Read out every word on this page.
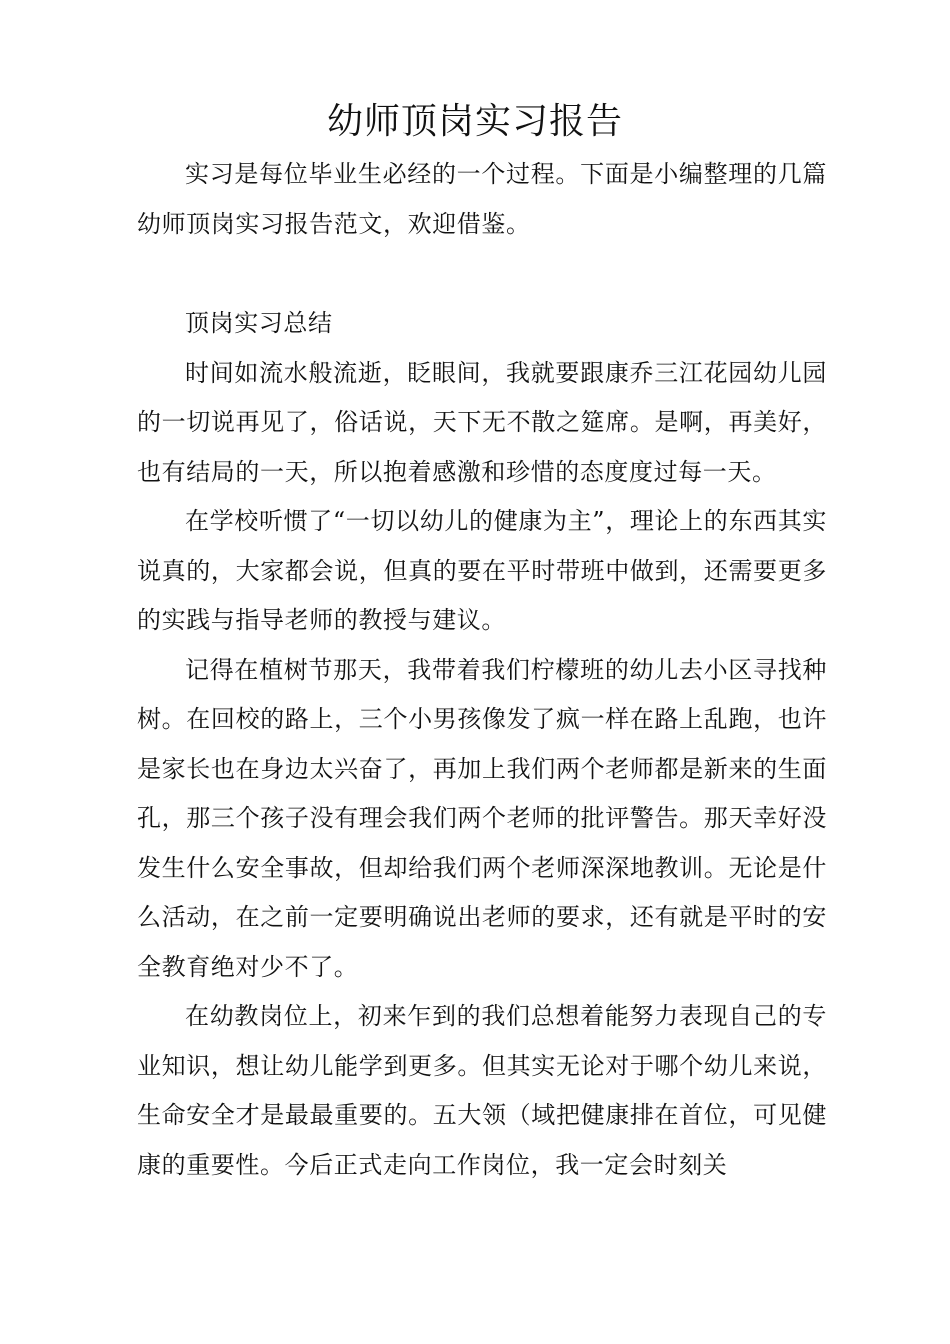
幼师顶岗实习报告

实习是每位毕业生必经的一个过程。下面是小编整理的几篇幼师顶岗实习报告范文，欢迎借鉴。

顶岗实习总结

时间如流水般流逝，眨眼间，我就要跟康乔三江花园幼儿园的一切说再见了，俗话说，天下无不散之筵席。是啊，再美好，也有结局的一天，所以抱着感激和珍惜的态度度过每一天。

在学校听惯了“一切以幼儿的健康为主”，理论上的东西其实说真的，大家都会说，但真的要在平时带班中做到，还需要更多的实践与指导老师的教授与建议。

记得在植树节那天，我带着我们柠檬班的幼儿去小区寻找种树。在回校的路上，三个小男孩像发了疯一样在路上乱跑，也许是家长也在身边太兴奋了，再加上我们两个老师都是新来的生面孔，那三个孩子没有理会我们两个老师的批评警告。那天幸好没发生什么安全事故，但却给我们两个老师深深地教训。无论是什么活动，在之前一定要明确说出老师的要求，还有就是平时的安全教育绝对少不了。

在幼教岗位上，初来乍到的我们总想着能努力表现自己的专业知识，想让幼儿能学到更多。但其实无论对于哪个幼儿来说，生命安全才是最最重要的。五大领（域把健康排在首位，可见健康的重要性。今后正式走向工作岗位，我一定会时刻关
